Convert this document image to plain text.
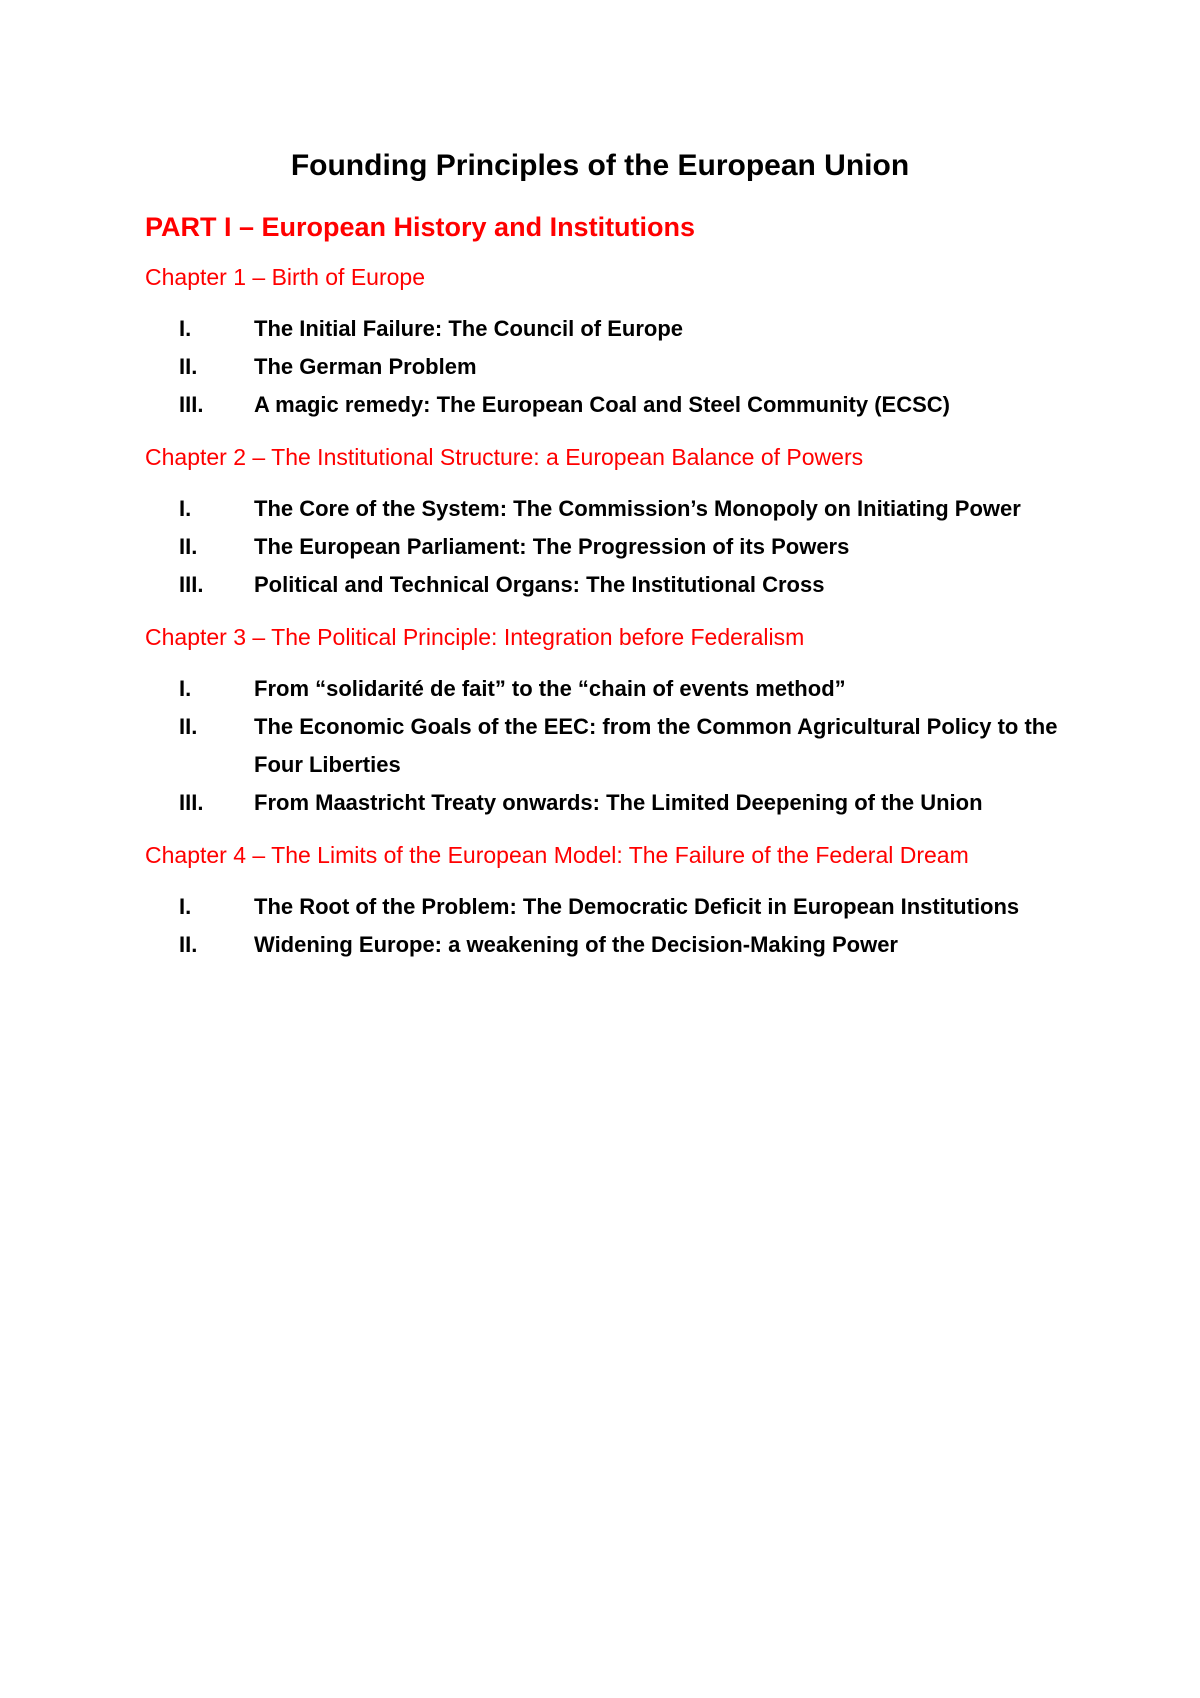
Founding Principles of the European Union
PART I – European History and Institutions
Chapter 1 – Birth of Europe
I.	The Initial Failure: The Council of Europe
II.	The German Problem
III.	A magic remedy: The European Coal and Steel Community (ECSC)
Chapter 2 – The Institutional Structure: a European Balance of Powers
I.	The Core of the System: The Commission’s Monopoly on Initiating Power
II.	The European Parliament: The Progression of its Powers
III.	Political and Technical Organs: The Institutional Cross
Chapter 3 – The Political Principle: Integration before Federalism
I.	From “solidarité de fait” to the “chain of events method”
II.	The Economic Goals of the EEC: from the Common Agricultural Policy to the Four Liberties
III.	From Maastricht Treaty onwards: The Limited Deepening of the Union
Chapter 4 – The Limits of the European Model: The Failure of the Federal Dream
I.	The Root of the Problem: The Democratic Deficit in European Institutions
II.	Widening Europe: a weakening of the Decision-Making Power
